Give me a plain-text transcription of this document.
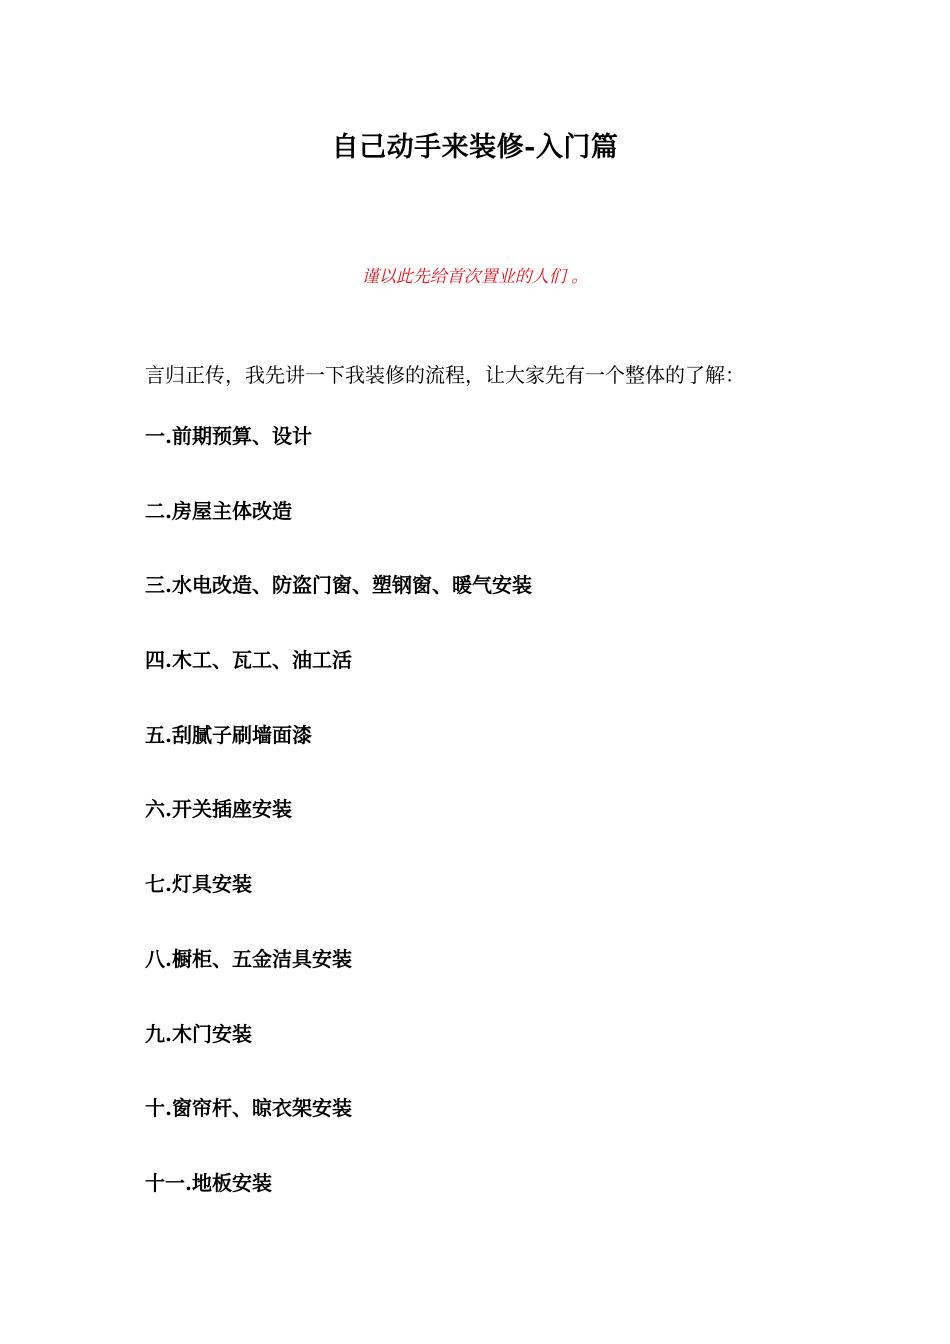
自己动手来装修-入门篇
谨以此先给首次置业的人们 。
言归正传，我先讲一下我装修的流程，让大家先有一个整体的了解：
一.前期预算、设计
二.房屋主体改造
三.水电改造、防盗门窗、塑钢窗、暖气安装
四.木工、瓦工、油工活
五.刮腻子刷墙面漆
六.开关插座安装
七.灯具安装
八.橱柜、五金洁具安装
九.木门安装
十.窗帘杆、晾衣架安装
十一.地板安装
